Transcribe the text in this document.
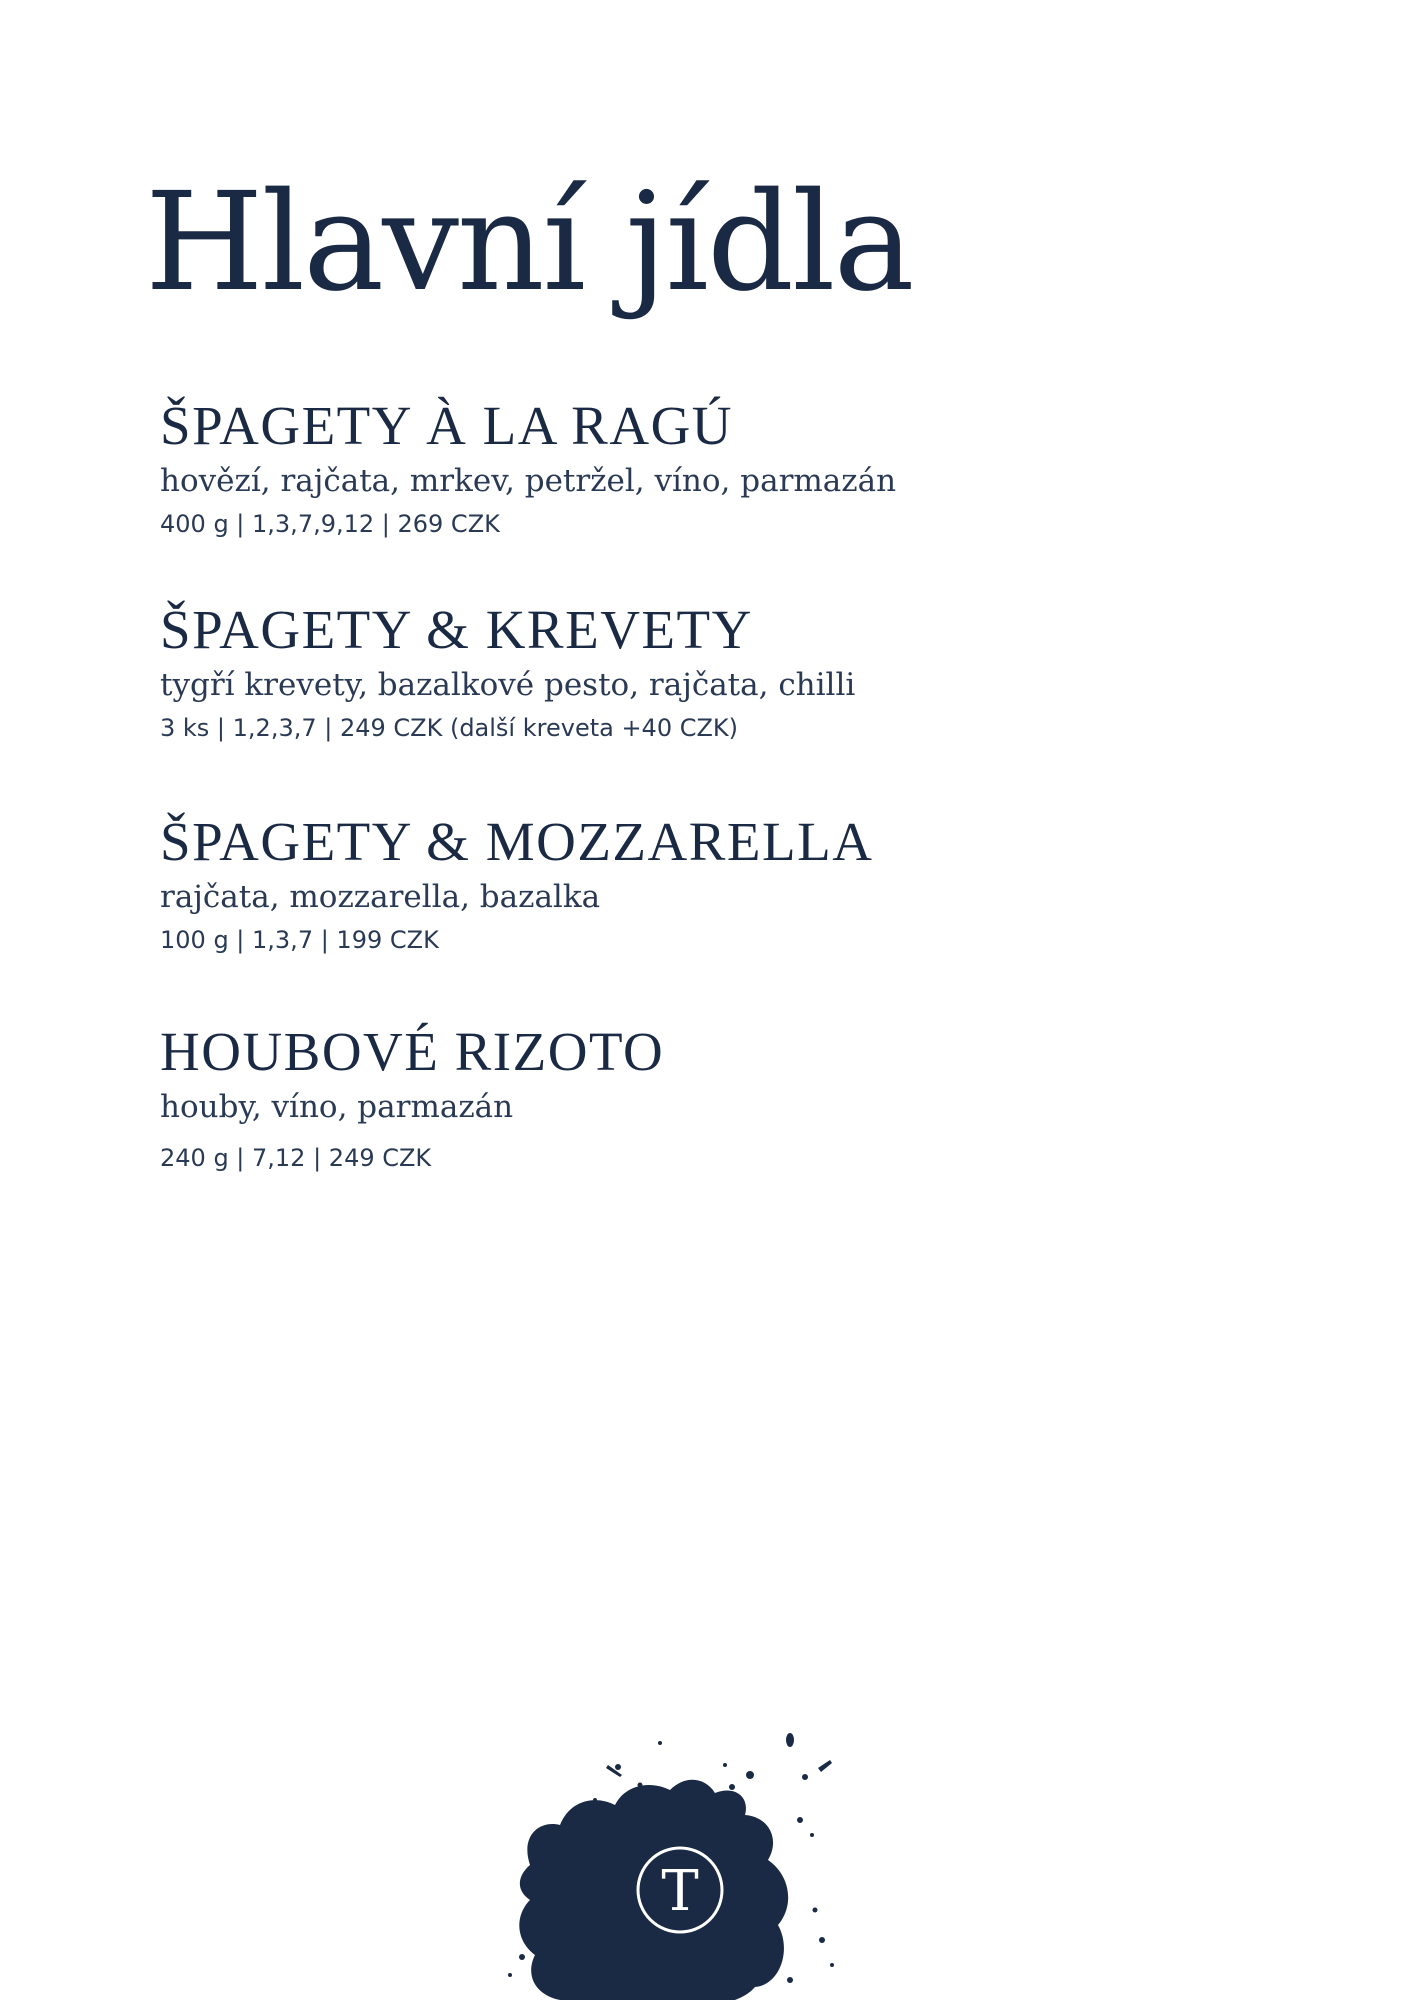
Hlavní jídla
ŠPAGETY À LA RAGÚ

hovězí, rajčata, mrkev, petržel, víno, parmazán

400 g | 1,3,7,9,12 | 269 CZK

ŠPAGETY & KREVETY

tygří krevety, bazalkové pesto, rajčata, chilli

3 ks | 1,2,3,7 | 249 CZK (další kreveta +40 CZK)

ŠPAGETY & MOZZARELLA

rajčata, mozzarella, bazalka

100 g | 1,3,7 | 199 CZK

HOUBOVÉ RIZOTO

houby, víno, parmazán

240 g | 7,12 | 249 CZK

T
